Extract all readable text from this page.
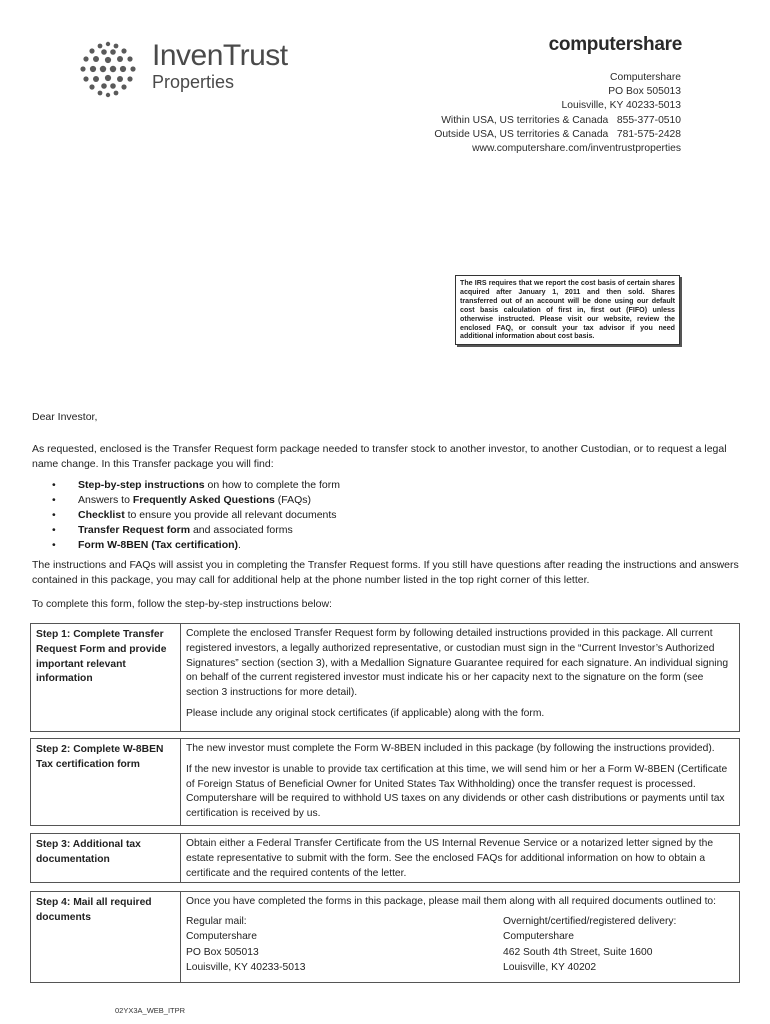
InvenTrust
Properties
computershare
Computershare
PO Box 505013
Louisville, KY 40233-5013
Within USA, US territories & Canada   855-377-0510
Outside USA, US territories & Canada   781-575-2428
www.computershare.com/inventrustproperties
The IRS requires that we report the cost basis of certain shares acquired after January 1, 2011 and then sold. Shares transferred out of an account will be done using our default cost basis calculation of first in, first out (FIFO) unless otherwise instructed. Please visit our website, review the enclosed FAQ, or consult your tax advisor if you need additional information about cost basis.
Dear Investor,
As requested, enclosed is the Transfer Request form package needed to transfer stock to another investor, to another Custodian, or to request a legal name change. In this Transfer package you will find:
• Step-by-step instructions on how to complete the form
• Answers to Frequently Asked Questions (FAQs)
• Checklist to ensure you provide all relevant documents
• Transfer Request form and associated forms
• Form W-8BEN (Tax certification).
The instructions and FAQs will assist you in completing the Transfer Request forms. If you still have questions after reading the instructions and answers contained in this package, you may call for additional help at the phone number listed in the top right corner of this letter.
To complete this form, follow the step-by-step instructions below:
Step 1: Complete Transfer Request Form and provide important relevant information

Complete the enclosed Transfer Request form by following detailed instructions provided in this package. All current registered investors, a legally authorized representative, or custodian must sign in the “Current Investor’s Authorized Signatures” section (section 3), with a Medallion Signature Guarantee required for each signature. An individual signing on behalf of the current registered investor must indicate his or her capacity next to the signature on the form (see section 3 instructions for more detail).

Please include any original stock certificates (if applicable) along with the form.

Step 2: Complete W-8BEN Tax certification form

The new investor must complete the Form W-8BEN included in this package (by following the instructions provided).

If the new investor is unable to provide tax certification at this time, we will send him or her a Form W-8BEN (Certificate of Foreign Status of Beneficial Owner for United States Tax Withholding) once the transfer request is processed. Computershare will be required to withhold US taxes on any dividends or other cash distributions or payments until tax certification is received by us.

Step 3: Additional tax documentation

Obtain either a Federal Transfer Certificate from the US Internal Revenue Service or a notarized letter signed by the estate representative to submit with the form. See the enclosed FAQs for additional information on how to obtain a certificate and the required contents of the letter.

Step 4: Mail all required documents

Once you have completed the forms in this package, please mail them along with all required documents outlined to:

Regular mail:
Computershare
PO Box 505013
Louisville, KY 40233-5013
Overnight/certified/registered delivery:
Computershare
462 South 4th Street, Suite 1600
Louisville, KY 40202
02YX3A_WEB_ITPR
